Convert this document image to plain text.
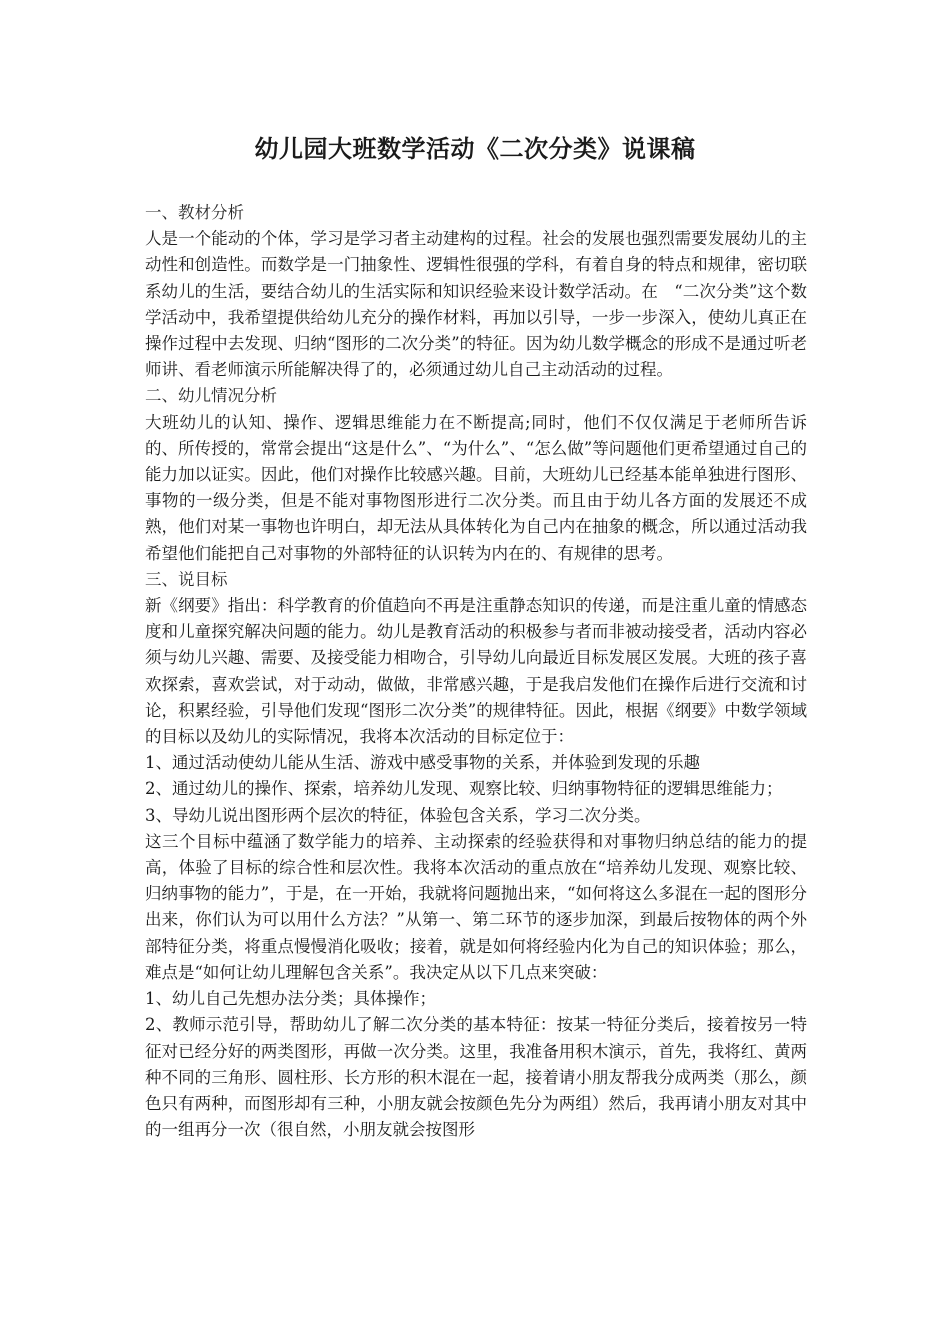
幼儿园大班数学活动《二次分类》说课稿

一、教材分析

人是一个能动的个体，学习是学习者主动建构的过程。社会的发展也强烈需要发展幼儿的主动性和创造性。而数学是一门抽象性、逻辑性很强的学科，有着自身的特点和规律，密切联系幼儿的生活，要结合幼儿的生活实际和知识经验来设计数学活动。在　“二次分类”这个数学活动中，我希望提供给幼儿充分的操作材料，再加以引导，一步一步深入，使幼儿真正在操作过程中去发现、归纳“图形的二次分类”的特征。因为幼儿数学概念的形成不是通过听老师讲、看老师演示所能解决得了的，必须通过幼儿自己主动活动的过程。

二、幼儿情况分析

大班幼儿的认知、操作、逻辑思维能力在不断提高;同时，他们不仅仅满足于老师所告诉的、所传授的，常常会提出“这是什么”、“为什么”、“怎么做”等问题他们更希望通过自己的能力加以证实。因此，他们对操作比较感兴趣。目前，大班幼儿已经基本能单独进行图形、事物的一级分类，但是不能对事物图形进行二次分类。而且由于幼儿各方面的发展还不成熟，他们对某一事物也许明白，却无法从具体转化为自己内在抽象的概念，所以通过活动我希望他们能把自己对事物的外部特征的认识转为内在的、有规律的思考。

三、说目标

新《纲要》指出：科学教育的价值趋向不再是注重静态知识的传递，而是注重儿童的情感态度和儿童探究解决问题的能力。幼儿是教育活动的积极参与者而非被动接受者，活动内容必须与幼儿兴趣、需要、及接受能力相吻合，引导幼儿向最近目标发展区发展。大班的孩子喜欢探索，喜欢尝试，对于动动，做做，非常感兴趣，于是我启发他们在操作后进行交流和讨论，积累经验，引导他们发现“图形二次分类”的规律特征。因此，根据《纲要》中数学领域的目标以及幼儿的实际情况，我将本次活动的目标定位于：

1、通过活动使幼儿能从生活、游戏中感受事物的关系，并体验到发现的乐趣

2、通过幼儿的操作、探索，培养幼儿发现、观察比较、归纳事物特征的逻辑思维能力；

3、导幼儿说出图形两个层次的特征，体验包含关系，学习二次分类。

这三个目标中蕴涵了数学能力的培养、主动探索的经验获得和对事物归纳总结的能力的提高，体验了目标的综合性和层次性。我将本次活动的重点放在“培养幼儿发现、观察比较、归纳事物的能力”，于是，在一开始，我就将问题抛出来，“如何将这么多混在一起的图形分出来，你们认为可以用什么方法？”从第一、第二环节的逐步加深，到最后按物体的两个外部特征分类，将重点慢慢消化吸收；接着，就是如何将经验内化为自己的知识体验；那么，难点是“如何让幼儿理解包含关系”。我决定从以下几点来突破：

1、幼儿自己先想办法分类；具体操作；

2、教师示范引导，帮助幼儿了解二次分类的基本特征：按某一特征分类后，接着按另一特征对已经分好的两类图形，再做一次分类。这里，我准备用积木演示，首先，我将红、黄两种不同的三角形、圆柱形、长方形的积木混在一起，接着请小朋友帮我分成两类（那么，颜色只有两种，而图形却有三种，小朋友就会按颜色先分为两组）然后，我再请小朋友对其中的一组再分一次（很自然，小朋友就会按图形
